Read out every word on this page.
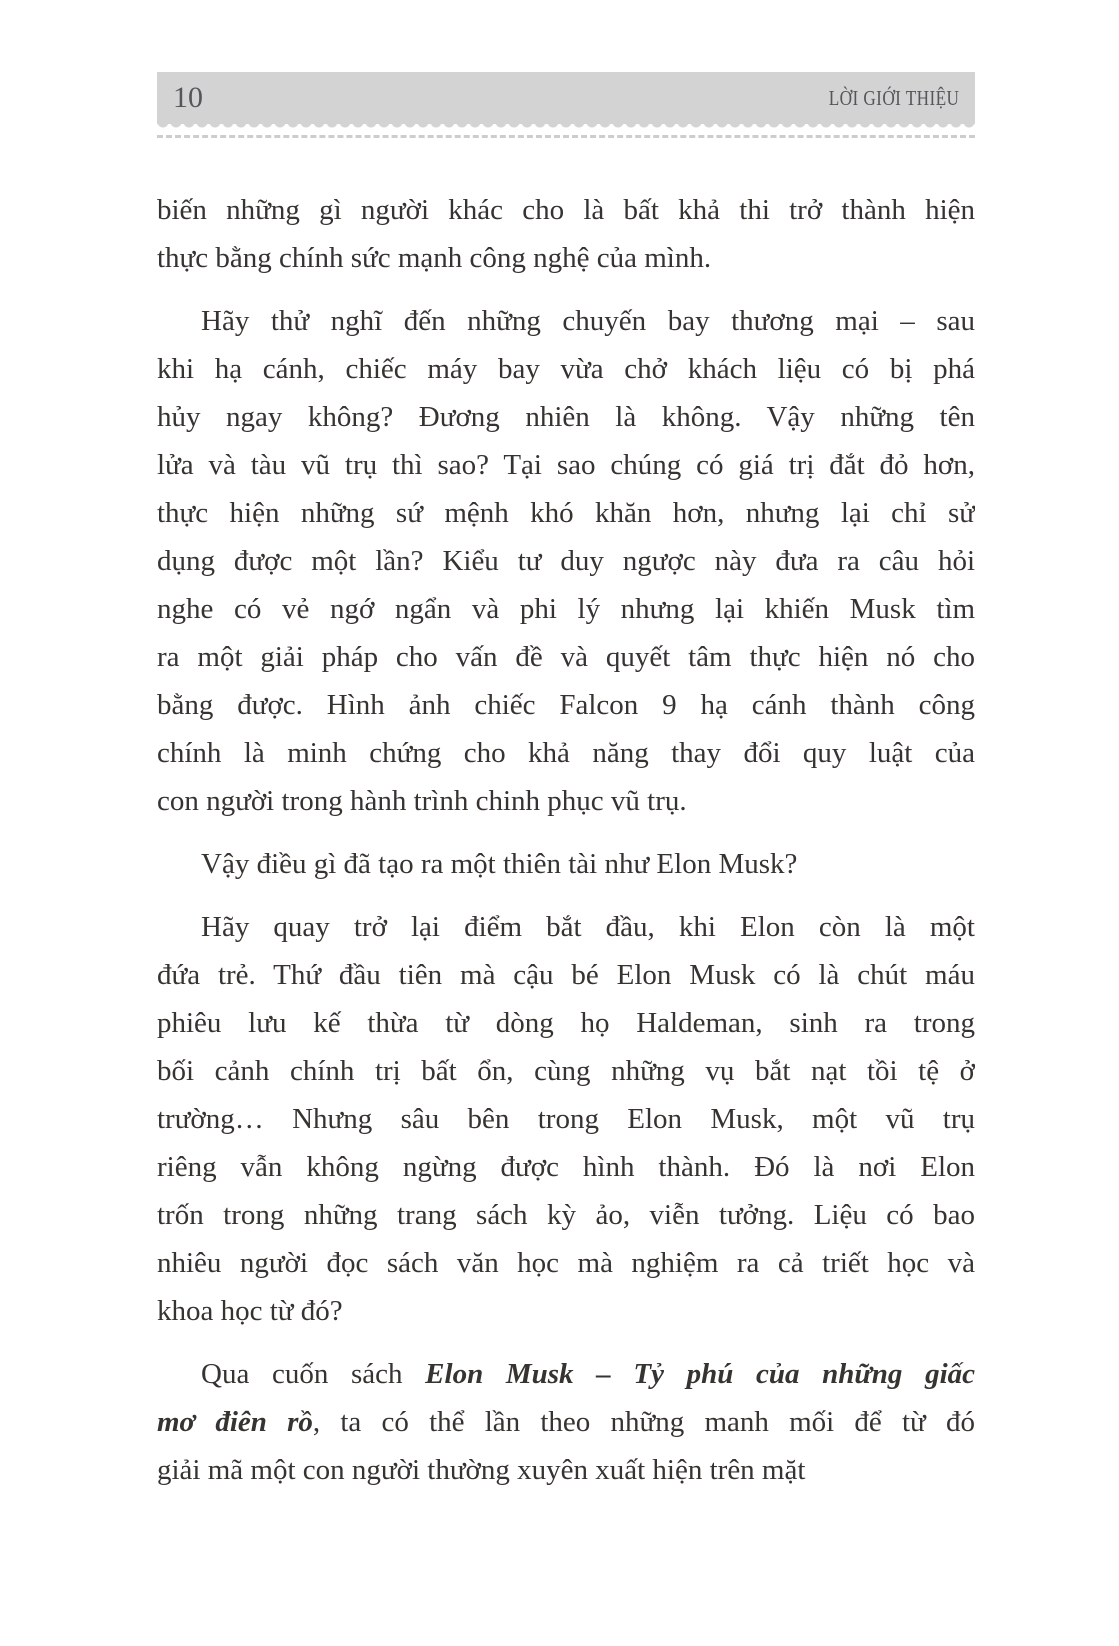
10	LỜI GIỚI THIỆU
biến những gì người khác cho là bất khả thi trở thành hiện
thực bằng chính sức mạnh công nghệ của mình.
Hãy thử nghĩ đến những chuyến bay thương mại – sau
khi hạ cánh, chiếc máy bay vừa chở khách liệu có bị phá
hủy ngay không? Đương nhiên là không. Vậy những tên
lửa và tàu vũ trụ thì sao? Tại sao chúng có giá trị đắt đỏ hơn,
thực hiện những sứ mệnh khó khăn hơn, nhưng lại chỉ sử
dụng được một lần? Kiểu tư duy ngược này đưa ra câu hỏi
nghe có vẻ ngớ ngẩn và phi lý nhưng lại khiến Musk tìm
ra một giải pháp cho vấn đề và quyết tâm thực hiện nó cho
bằng được. Hình ảnh chiếc Falcon 9 hạ cánh thành công
chính là minh chứng cho khả năng thay đổi quy luật của
con người trong hành trình chinh phục vũ trụ.
Vậy điều gì đã tạo ra một thiên tài như Elon Musk?
Hãy quay trở lại điểm bắt đầu, khi Elon còn là một
đứa trẻ. Thứ đầu tiên mà cậu bé Elon Musk có là chút máu
phiêu lưu kế thừa từ dòng họ Haldeman, sinh ra trong
bối cảnh chính trị bất ổn, cùng những vụ bắt nạt tồi tệ ở
trường… Nhưng sâu bên trong Elon Musk, một vũ trụ
riêng vẫn không ngừng được hình thành. Đó là nơi Elon
trốn trong những trang sách kỳ ảo, viễn tưởng. Liệu có bao
nhiêu người đọc sách văn học mà nghiệm ra cả triết học và
khoa học từ đó?
Qua cuốn sách Elon Musk – Tỷ phú của những giấc
mơ điên rồ, ta có thể lần theo những manh mối để từ đó
giải mã một con người thường xuyên xuất hiện trên mặt
